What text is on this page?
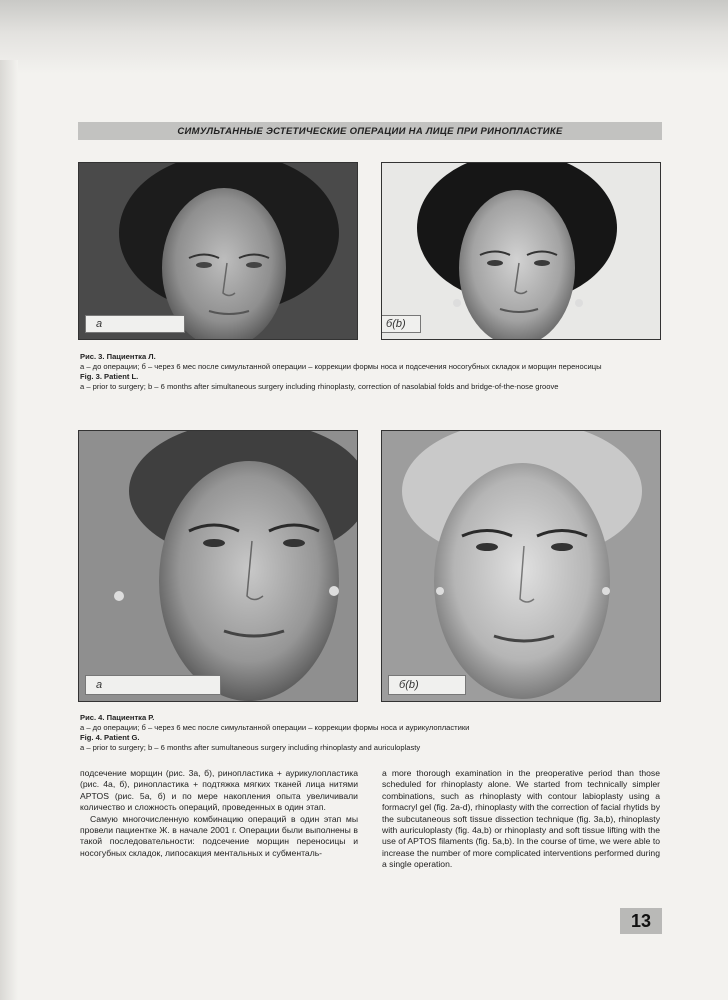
СИМУЛЬТАННЫЕ ЭСТЕТИЧЕСКИЕ ОПЕРАЦИИ НА ЛИЦЕ ПРИ РИНОПЛАСТИКЕ
a	б(b)
Рис. 3. Пациентка Л.
а – до операции; б – через 6 мес после симультанной операции – коррекции формы носа и подсечения носогубных складок и морщин переносицы
Fig. 3. Patient L.
a – prior to surgery; b – 6 months after simultaneous surgery including rhinoplasty, correction of nasolabial folds and bridge-of-the-nose groove
a	б(b)
Рис. 4. Пациентка Р.
а – до операции; б – через 6 мес после симультанной операции – коррекции формы носа и аурикулопластики
Fig. 4. Patient G.
a – prior to surgery; b – 6 months after sumultaneous surgery including rhinoplasty and auriculoplasty

подсечение морщин (рис. 3а, б), ринопластика + аурикулопластика (рис. 4а, б), ринопластика + подтяжка мягких тканей лица нитями APTOS (рис. 5а, б) и по мере накопления опыта увеличивали количество и сложность операций, проведенных в один этап.

Самую многочисленную комбинацию операций в один этап мы провели пациентке Ж. в начале 2001 г. Операции были выполнены в такой последовательности: подсечение морщин переносицы и носогубных складок, липосакция ментальных и субменталь-

a more thorough examination in the preoperative period than those scheduled for rhinoplasty alone. We started from technically simpler combinations, such as rhinoplasty with contour labioplasty using a formacryl gel (fig. 2a-d), rhinoplasty with the correction of facial rhytids by the subcutaneous soft tissue dissection technique (fig. 3a,b), rhinoplasty with auriculoplasty (fig. 4a,b) or rhinoplasty and soft tissue lifting with the use of APTOS filaments (fig. 5a,b). In the course of time, we were able to increase the number of more complicated interventions performed during a single operation.

13
